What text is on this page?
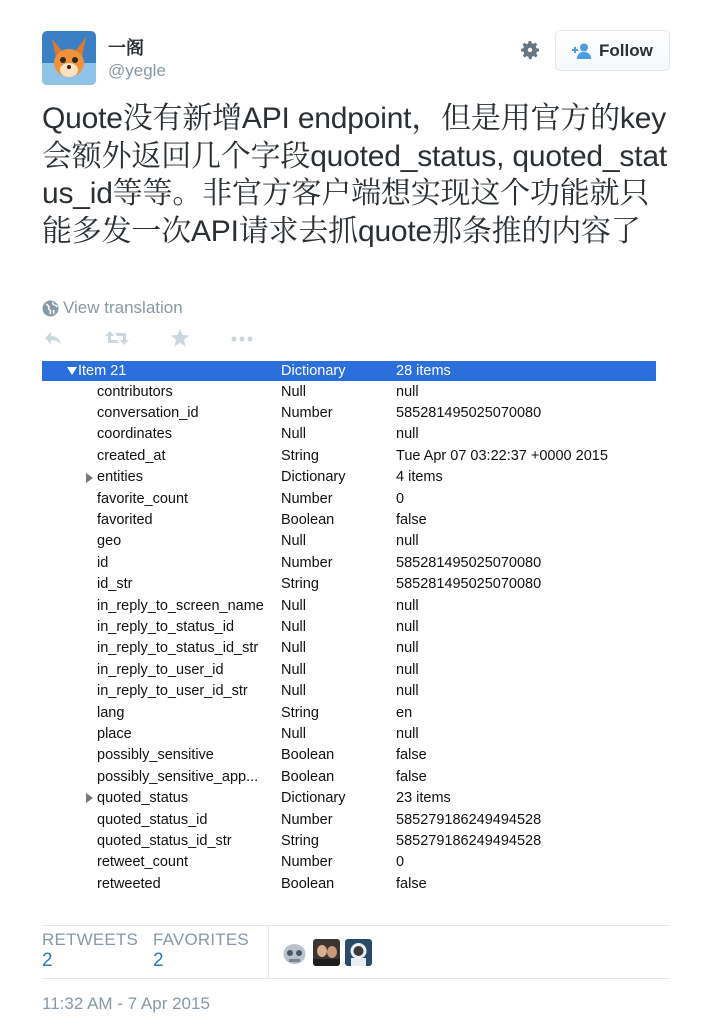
一阁
@yegle
Follow
Quote没有新增API endpoint，但是用官方的key会额外返回几个字段quoted_status, quoted_status_id等等。非官方客户端想实现这个功能就只能多发一次API请求去抓quote那条推的内容了
View translation
Item 21	Dictionary	28 items
contributors	Null	null
conversation_id	Number	585281495025070080
coordinates	Null	null
created_at	String	Tue Apr 07 03:22:37 +0000 2015
entities	Dictionary	4 items
favorite_count	Number	0
favorited	Boolean	false
geo	Null	null
id	Number	585281495025070080
id_str	String	585281495025070080
in_reply_to_screen_name Null	null
in_reply_to_status_id	Null	null
in_reply_to_status_id_str Null	null
in_reply_to_user_id	Null	null
in_reply_to_user_id_str Null	null
lang	String	en
place	Null	null
possibly_sensitive	Boolean	false
possibly_sensitive_app... Boolean	false
quoted_status	Dictionary	23 items
quoted_status_id	Number	585279186249494528
quoted_status_id_str	String	585279186249494528
retweet_count	Number	0
retweeted	Boolean	false
RETWEETS
2
FAVORITES
2
11:32 AM - 7 Apr 2015
